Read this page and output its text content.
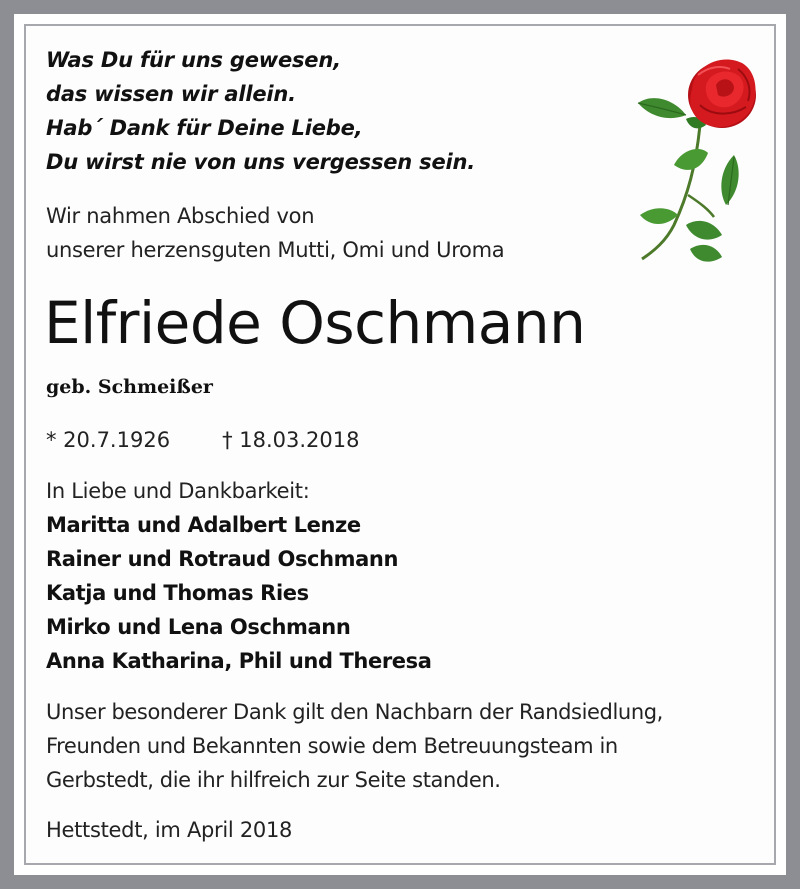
Was Du für uns gewesen,
das wissen wir allein.
Hab´ Dank für Deine Liebe,
Du wirst nie von uns vergessen sein.
Wir nahmen Abschied von
unserer herzensguten Mutti, Omi und Uroma
Elfriede Oschmann
geb. Schmeißer
* 20.7.1926 † 18.03.2018
In Liebe und Dankbarkeit:
Maritta und Adalbert Lenze
Rainer und Rotraud Oschmann
Katja und Thomas Ries
Mirko und Lena Oschmann
Anna Katharina, Phil und Theresa
Unser besonderer Dank gilt den Nachbarn der Randsiedlung,
Freunden und Bekannten sowie dem Betreuungsteam in
Gerbstedt, die ihr hilfreich zur Seite standen.
Hettstedt, im April 2018
